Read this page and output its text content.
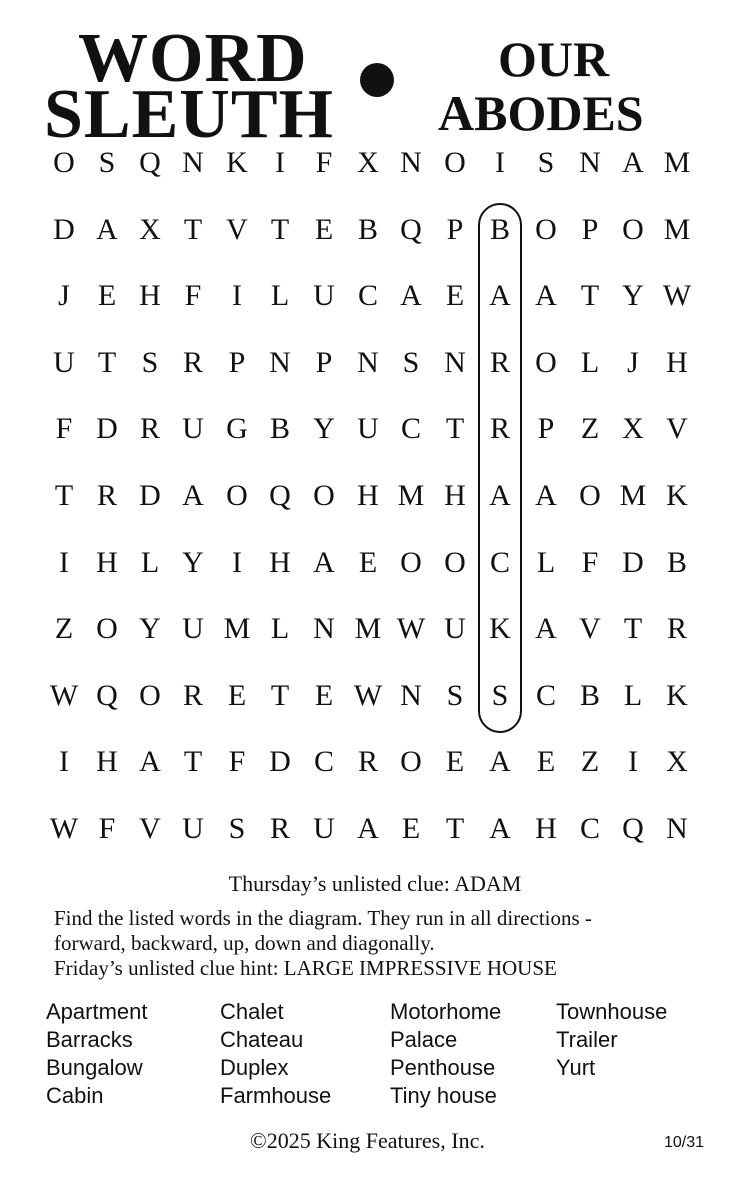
WORD
SLEUTH
OUR
ABODES
O S Q N K I	F X N O I	S N A M
D A X T V T E B Q P B O P O M
J E H F	I L U C A E A A T Y W
U T S R P N P N S N R O L J H
F D R U G B Y U C T R P Z X V
T R D A O Q O H M H A A O M K
I H L Y I H A E O O C L F D B
Z O Y U M L N M W U K A V T R
W Q O R E T E W N S S C B L K
I H A T F D C R O E A E Z I X
W F V U S R U A E T A H C Q N
Thursday’s unlisted clue: ADAM
Find the listed words in the diagram. They run in all directions -
forward, backward, up, down and diagonally.
Friday’s unlisted clue hint: LARGE IMPRESSIVE HOUSE
Apartment
Barracks
Bungalow
Cabin
Chalet
Chateau
Duplex
Farmhouse
Motorhome
Palace
Penthouse
Tiny house
Townhouse
Trailer
Yurt
©2025 King Features, Inc.	10/31
